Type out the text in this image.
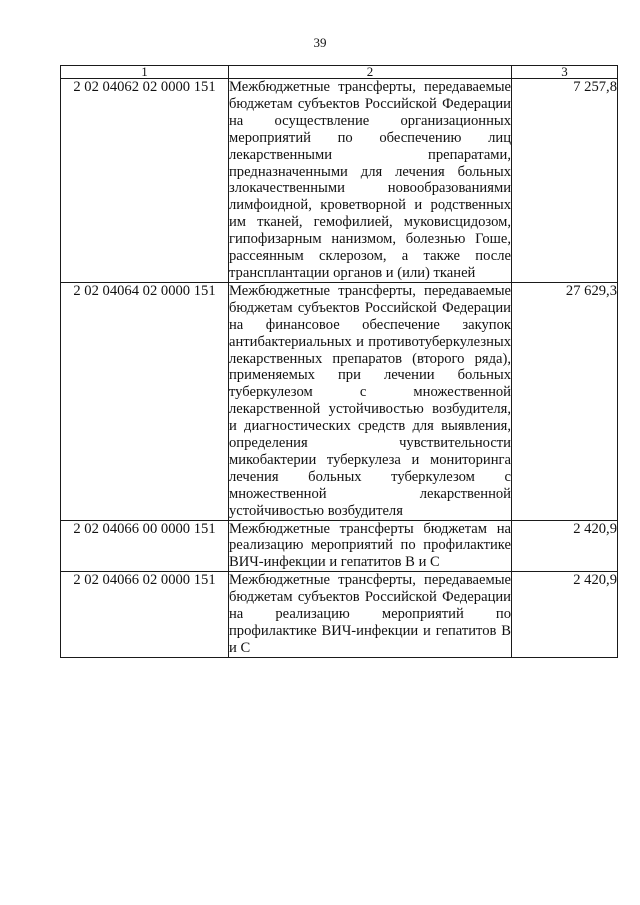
39
1	2	3
2 02 04062 02 0000 151	Межбюджетные трансферты, передаваемые бюджетам субъектов Российской Федерации на осуществление организационных мероприятий по обеспечению лиц лекарственными препаратами, предназначенными для лечения больных злокачественными новообразованиями лимфоидной, кроветворной и родственных им тканей, гемофилией, муковисцидозом, гипофизарным нанизмом, болезнью Гоше, рассеянным склерозом, а также после трансплантации органов и (или) тканей	7 257,8
2 02 04064 02 0000 151	Межбюджетные трансферты, передаваемые бюджетам субъектов Российской Федерации на финансовое обеспечение закупок антибактериальных и противотуберкулезных лекарственных препаратов (второго ряда), применяемых при лечении больных туберкулезом с множественной лекарственной устойчивостью возбудителя, и диагностических средств для выявления, определения чувствительности микобактерии туберкулеза и мониторинга лечения больных туберкулезом с множественной лекарственной устойчивостью возбудителя	27 629,3
2 02 04066 00 0000 151	Межбюджетные трансферты бюджетам на реализацию мероприятий по профилактике ВИЧ-инфекции и гепатитов В и С	2 420,9
2 02 04066 02 0000 151	Межбюджетные трансферты, передаваемые бюджетам субъектов Российской Федерации на реализацию мероприятий по профилактике ВИЧ-инфекции и гепатитов В и С	2 420,9
